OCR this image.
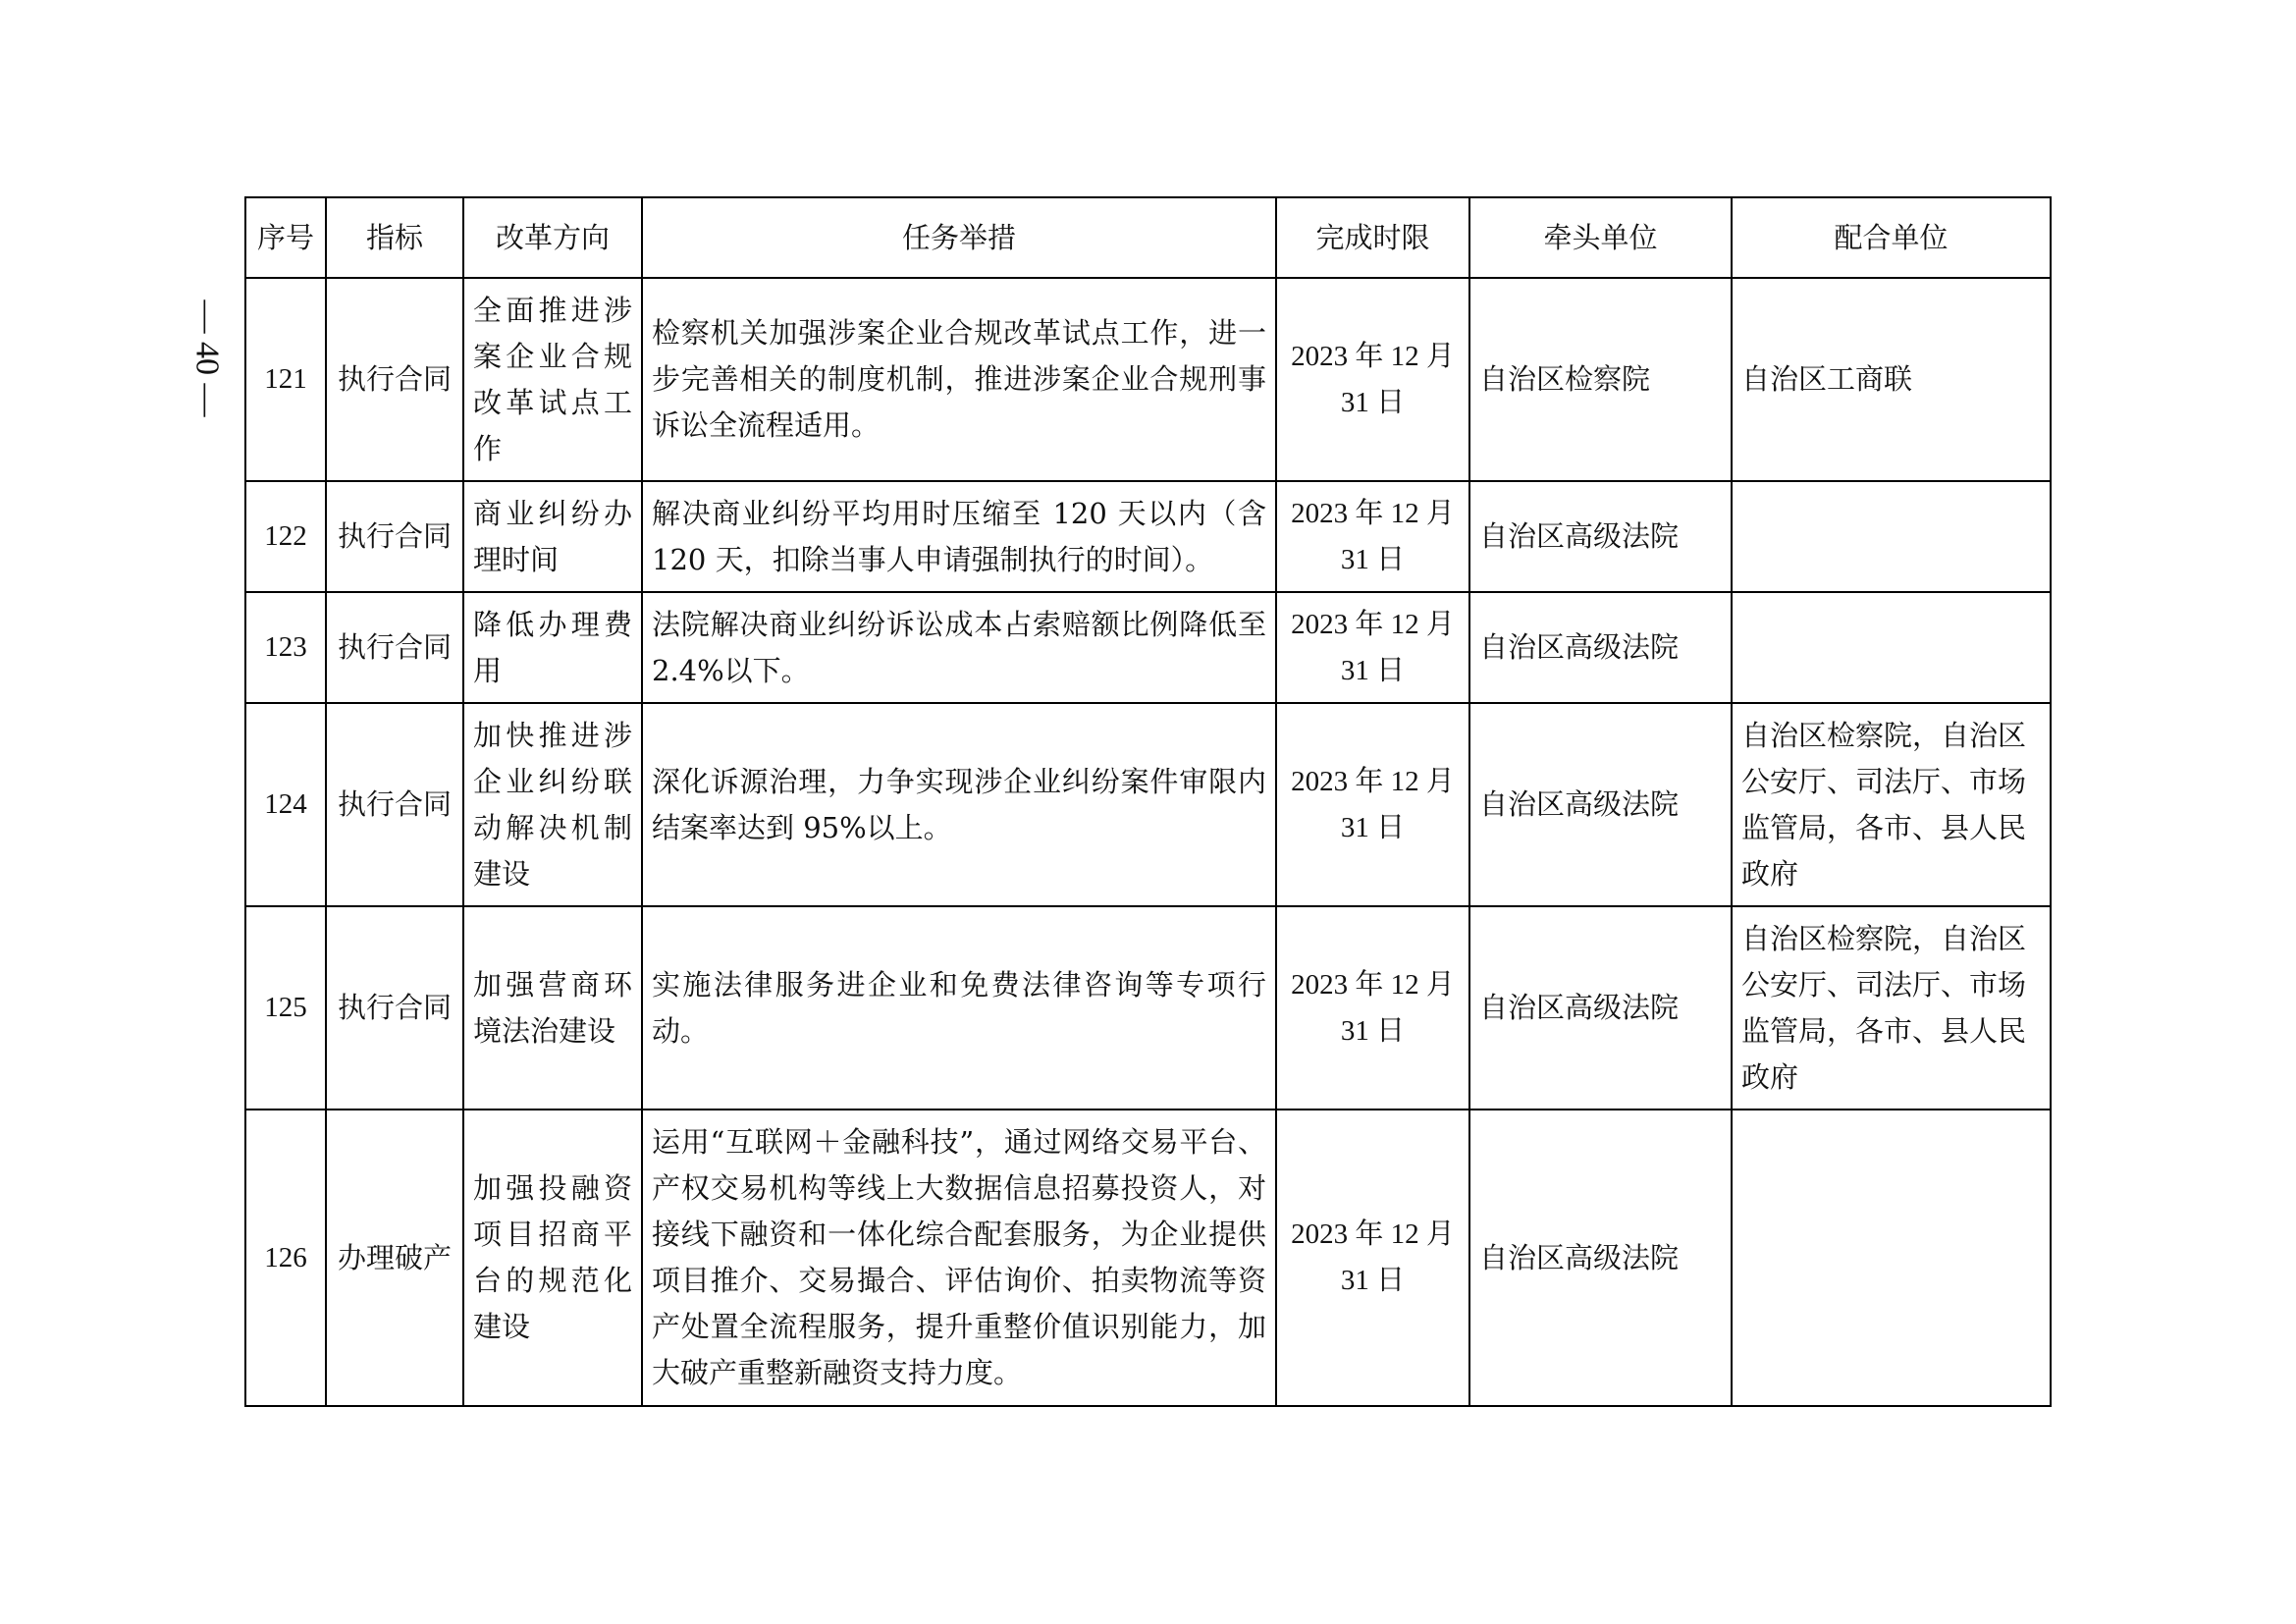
— 40 —
序号	指标	改革方向	任务举措	完成时限	牵头单位	配合单位
121	执行合同	全面推进涉案企业合规改革试点工作	检察机关加强涉案企业合规改革试点工作，进一步完善相关的制度机制，推进涉案企业合规刑事诉讼全流程适用。	2023 年 12 月 31 日	自治区检察院	自治区工商联
122	执行合同	商业纠纷办理时间	解决商业纠纷平均用时压缩至 120 天以内（含 120 天，扣除当事人申请强制执行的时间）。	2023 年 12 月 31 日	自治区高级法院	
123	执行合同	降低办理费用	法院解决商业纠纷诉讼成本占索赔额比例降低至 2.4%以下。	2023 年 12 月 31 日	自治区高级法院	
124	执行合同	加快推进涉企业纠纷联动解决机制建设	深化诉源治理，力争实现涉企业纠纷案件审限内结案率达到 95%以上。	2023 年 12 月 31 日	自治区高级法院	自治区检察院，自治区公安厅、司法厅、市场监管局，各市、县人民政府
125	执行合同	加强营商环境法治建设	实施法律服务进企业和免费法律咨询等专项行动。	2023 年 12 月 31 日	自治区高级法院	自治区检察院，自治区公安厅、司法厅、市场监管局，各市、县人民政府
126	办理破产	加强投融资项目招商平台的规范化建设	运用“互联网＋金融科技”，通过网络交易平台、产权交易机构等线上大数据信息招募投资人，对接线下融资和一体化综合配套服务，为企业提供项目推介、交易撮合、评估询价、拍卖物流等资产处置全流程服务，提升重整价值识别能力，加大破产重整新融资支持力度。	2023 年 12 月 31 日	自治区高级法院	
